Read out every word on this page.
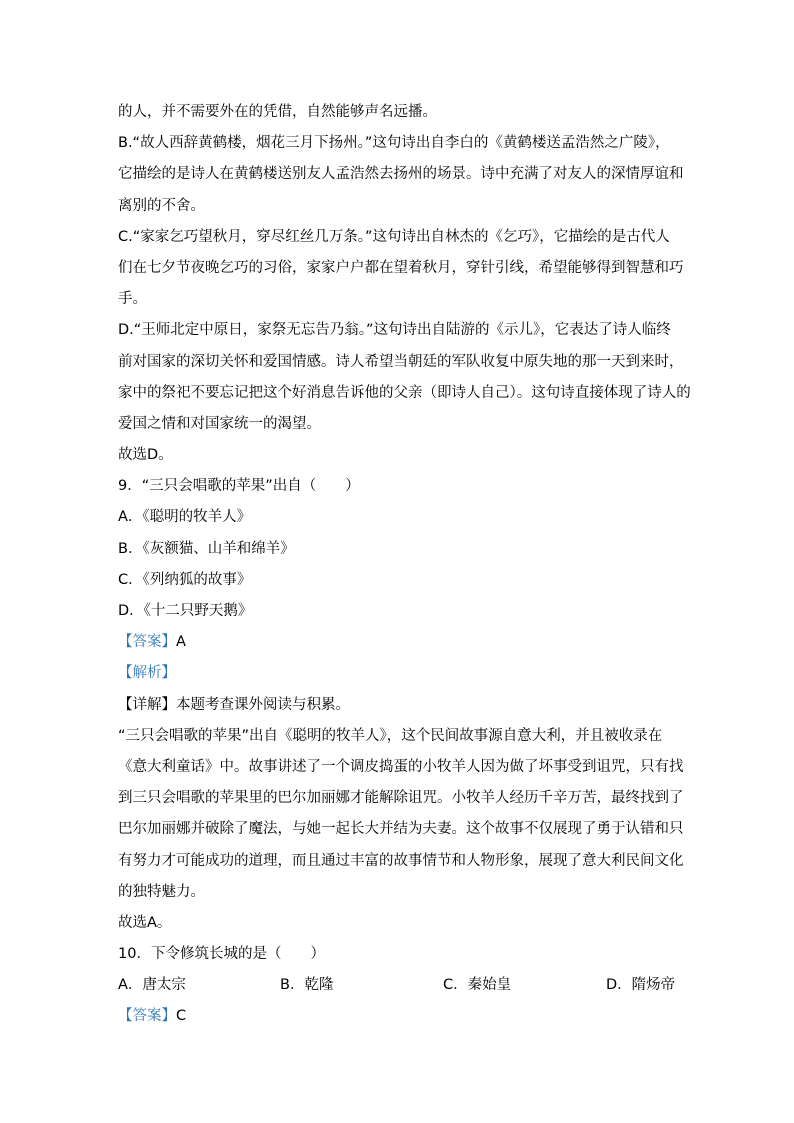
的人，并不需要外在的凭借，自然能够声名远播。
B.“故人西辞黄鹤楼，烟花三月下扬州。”这句诗出自李白的《黄鹤楼送孟浩然之广陵》，
它描绘的是诗人在黄鹤楼送别友人孟浩然去扬州的场景。诗中充满了对友人的深情厚谊和
离别的不舍。
C.“家家乞巧望秋月，穿尽红丝几万条。”这句诗出自林杰的《乞巧》，它描绘的是古代人
们在七夕节夜晚乞巧的习俗，家家户户都在望着秋月，穿针引线，希望能够得到智慧和巧
手。
D.“王师北定中原日，家祭无忘告乃翁。”这句诗出自陆游的《示儿》，它表达了诗人临终
前对国家的深切关怀和爱国情感。诗人希望当朝廷的军队收复中原失地的那一天到来时，
家中的祭祀不要忘记把这个好消息告诉他的父亲（即诗人自己）。这句诗直接体现了诗人的
爱国之情和对国家统一的渴望。
故选D。
9．“三只会唱歌的苹果”出自（　　）
A．《聪明的牧羊人》
B．《灰额猫、山羊和绵羊》
C．《列纳狐的故事》
D．《十二只野天鹅》
【答案】A
【解析】
【详解】本题考查课外阅读与积累。
“三只会唱歌的苹果”出自《聪明的牧羊人》，这个民间故事源自意大利，并且被收录在
《意大利童话》中。故事讲述了一个调皮捣蛋的小牧羊人因为做了坏事受到诅咒，只有找
到三只会唱歌的苹果里的巴尔加丽娜才能解除诅咒。小牧羊人经历千辛万苦，最终找到了
巴尔加丽娜并破除了魔法，与她一起长大并结为夫妻。这个故事不仅展现了勇于认错和只
有努力才可能成功的道理，而且通过丰富的故事情节和人物形象，展现了意大利民间文化
的独特魅力。
故选A。
10．下令修筑长城的是（　　）
A．唐太宗	B．乾隆	C．秦始皇	D．隋炀帝
【答案】C
